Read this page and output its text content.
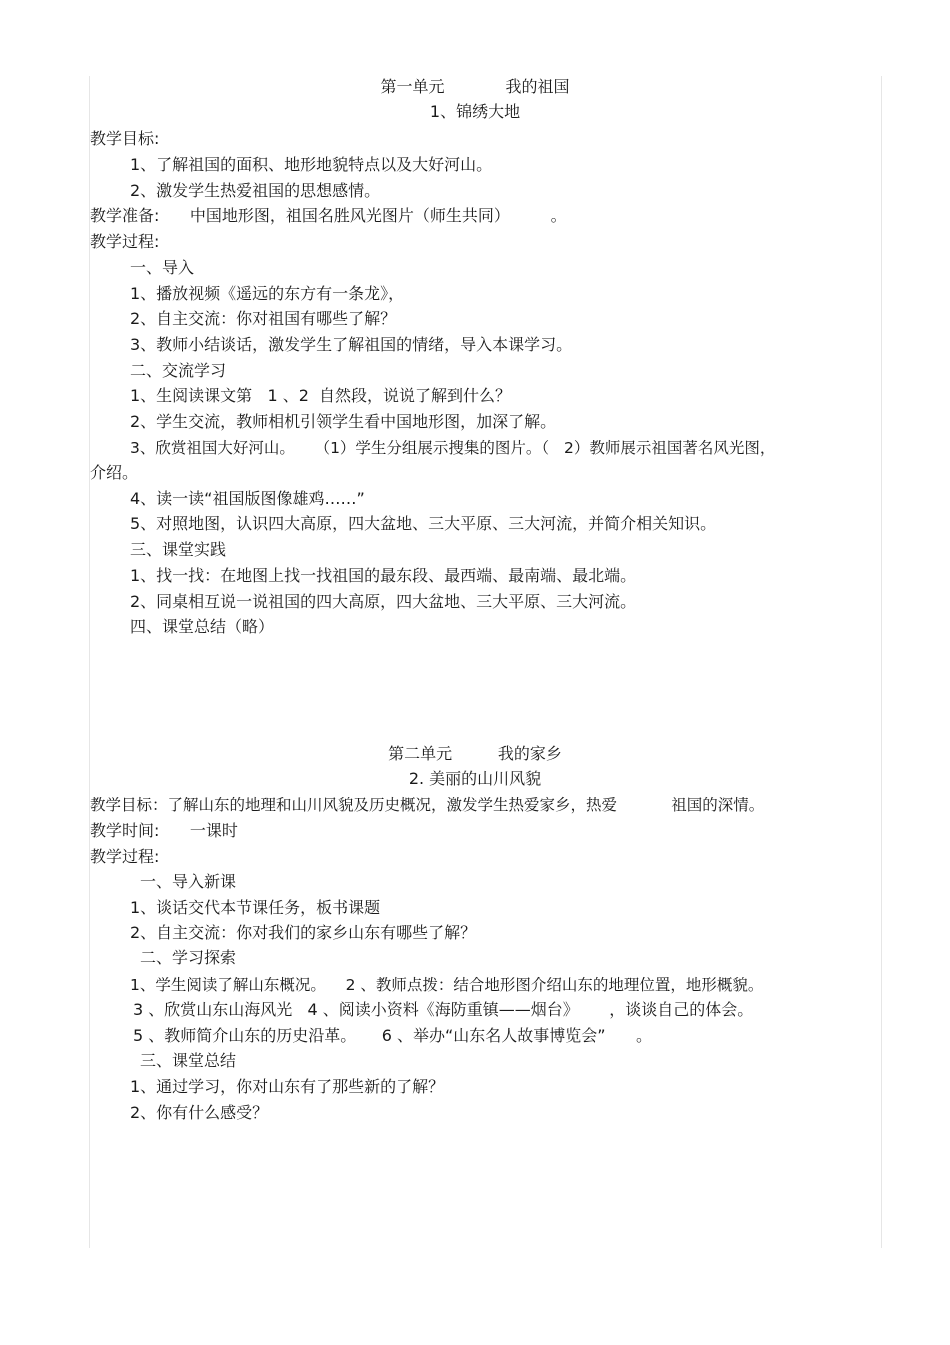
第一单元            我的祖国
1、锦绣大地
教学目标:
1、了解祖国的面积、地形地貌特点以及大好河山。
2、激发学生热爱祖国的思想感情。
教学准备:      中国地形图，祖国名胜风光图片（师生共同）        。
教学过程:
一、导入
1、播放视频《遥远的东方有一条龙》，
2、自主交流：你对祖国有哪些了解？
3、教师小结谈话，激发学生了解祖国的情绪，导入本课学习。
二、交流学习
1、生阅读课文第   1 、2  自然段，说说了解到什么？
2、学生交流，教师相机引领学生看中国地形图，加深了解。
3、欣赏祖国大好河山。    （1）学生分组展示搜集的图片。（   2）教师展示祖国著名风光图，
介绍。
4、读一读“祖国版图像雄鸡……”
5、对照地图，认识四大高原，四大盆地、三大平原、三大河流，并简介相关知识。
三、课堂实践
1、找一找：在地图上找一找祖国的最东段、最西端、最南端、最北端。
2、同桌相互说一说祖国的四大高原，四大盆地、三大平原、三大河流。
四、课堂总结（略）
第二单元         我的家乡
2. 美丽的山川风貌
教学目标：了解山东的地理和山川风貌及历史概况，激发学生热爱家乡，热爱           祖国的深情。
教学时间:      一课时
教学过程:
一、导入新课
1、谈话交代本节课任务，板书课题
2、自主交流：你对我们的家乡山东有哪些了解？
二、学习探索
1、学生阅读了解山东概况。    2 、教师点拨：结合地形图介绍山东的地理位置，地形概貌。
3 、欣赏山东山海风光   4 、阅读小资料《海防重镇——烟台》      ，谈谈自己的体会。
5 、教师简介山东的历史沿革。     6 、举办“山东名人故事博览会”      。
三、课堂总结
1、通过学习，你对山东有了那些新的了解？
2、你有什么感受？
